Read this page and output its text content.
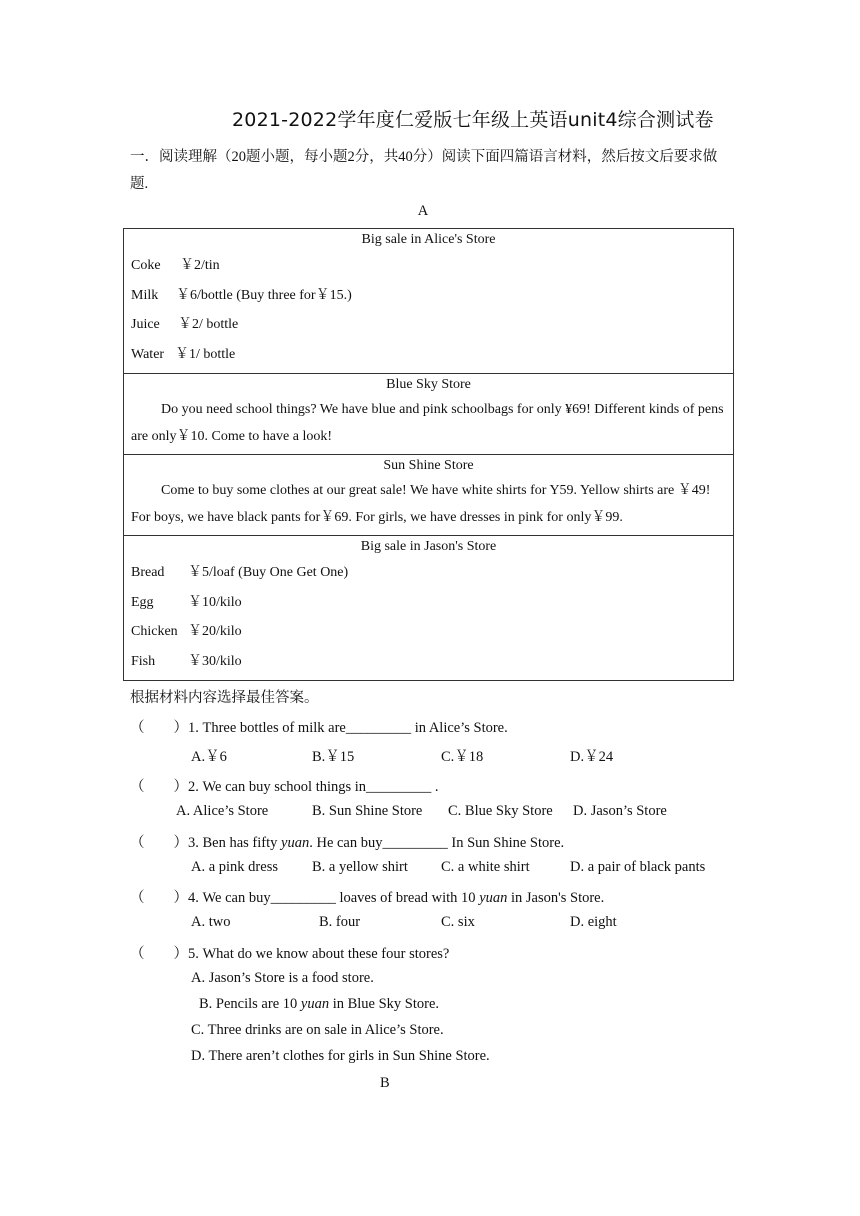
2021-2022学年度仁爱版七年级上英语unit4综合测试卷
一．阅读理解（20题小题，每小题2分，共40分）阅读下面四篇语言材料，然后按文后要求做题.
A
Big sale in Alice's Store
Coke ￥2/tin
Milk ￥6/bottle (Buy three for￥15.)
Juice ￥2/ bottle
Water ￥1/ bottle

Blue Sky Store
Do you need school things? We have blue and pink schoolbags for only ¥69! Different kinds of pens are only￥10. Come to have a look!

Sun Shine Store
Come to buy some clothes at our great sale! We have white shirts for Y59. Yellow shirts are ￥49! For boys, we have black pants for￥69. For girls, we have dresses in pink for only￥99.

Big sale in Jason's Store
Bread ￥5/loaf (Buy One Get One)
Egg ￥10/kilo
Chicken ￥20/kilo
Fish ￥30/kilo
根据材料内容选择最佳答案。
（　　）1. Three bottles of milk are_________ in Alice’s Store.
A.￥6	B.￥15	C.￥18	D.￥24
（　　）2. We can buy school things in_________ .
A. Alice’s Store	B. Sun Shine Store C. Blue Sky Store D. Jason’s Store
（　　）3. Ben has fifty yuan. He can buy_________ In Sun Shine Store.
A. a pink dress B. a yellow shirt C. a white shirt	D. a pair of black pants
（　　）4. We can buy_________ loaves of bread with 10 yuan in Jason's Store.
A. two	B. four	C. six	D. eight
（　　）5. What do we know about these four stores?
A. Jason’s Store is a food store.
B. Pencils are 10 yuan in Blue Sky Store.
C. Three drinks are on sale in Alice’s Store.
D. There aren’t clothes for girls in Sun Shine Store.
B
